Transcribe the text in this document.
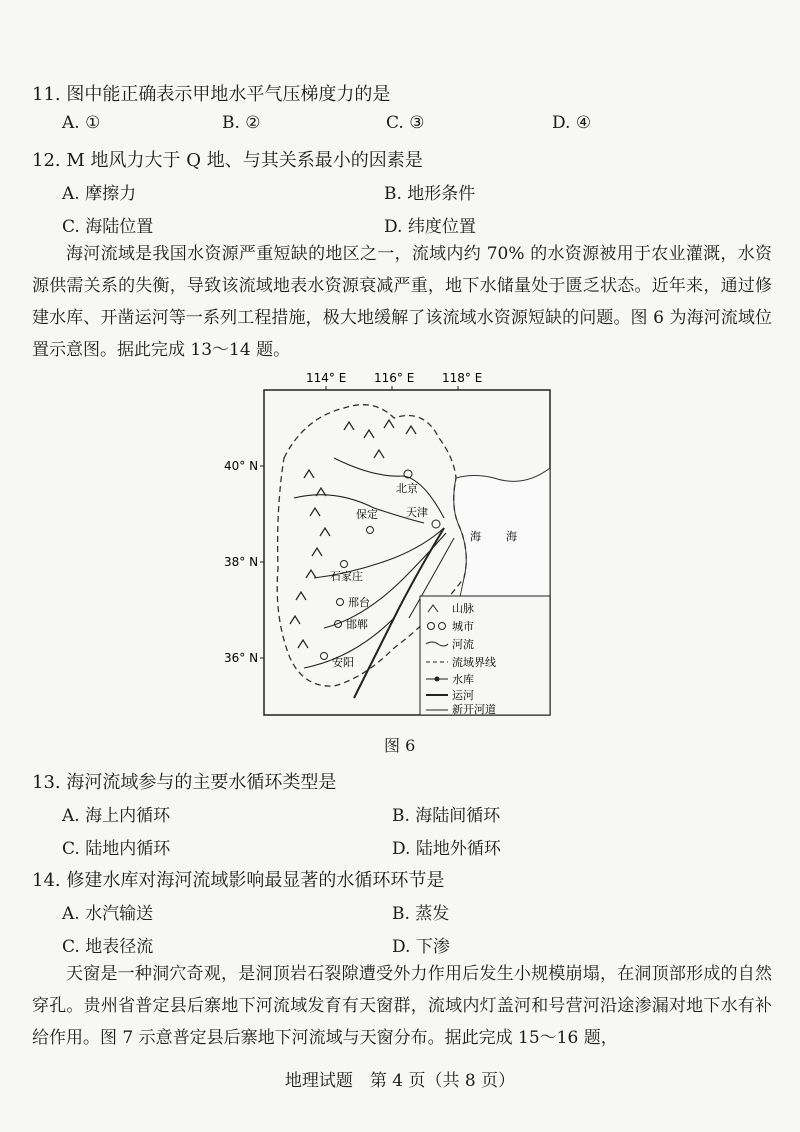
11. 图中能正确表示甲地水平气压梯度力的是
A. ①	B. ②	C. ③	D. ④
12. M 地风力大于 Q 地、与其关系最小的因素是
A. 摩擦力	B. 地形条件
C. 海陆位置	D. 纬度位置

海河流域是我国水资源严重短缺的地区之一，流域内约 70% 的水资源被用于农业灌溉，水资源供需关系的失衡，导致该流域地表水资源衰减严重，地下水储量处于匮乏状态。近年来，通过修建水库、开凿运河等一系列工程措施，极大地缓解了该流域水资源短缺的问题。图 6 为海河流域位置示意图。据此完成 13～14 题。

114° E 116° E 118° E
40° N
38° N
36° N
海 海
北京
保定	天津
石家庄
邢台
邯郸
安阳
山脉
城市
河流
流域界线
水库
运河
新开河道
图 6
13. 海河流域参与的主要水循环类型是
A. 海上内循环	B. 海陆间循环
C. 陆地内循环	D. 陆地外循环
14. 修建水库对海河流域影响最显著的水循环环节是
A. 水汽输送	B. 蒸发
C. 地表径流	D. 下渗

天窗是一种洞穴奇观，是洞顶岩石裂隙遭受外力作用后发生小规模崩塌，在洞顶部形成的自然穿孔。贵州省普定县后寨地下河流域发育有天窗群，流域内灯盖河和号营河沿途渗漏对地下水有补给作用。图 7 示意普定县后寨地下河流域与天窗分布。据此完成 15～16 题，

地理试题　第 4 页（共 8 页）
